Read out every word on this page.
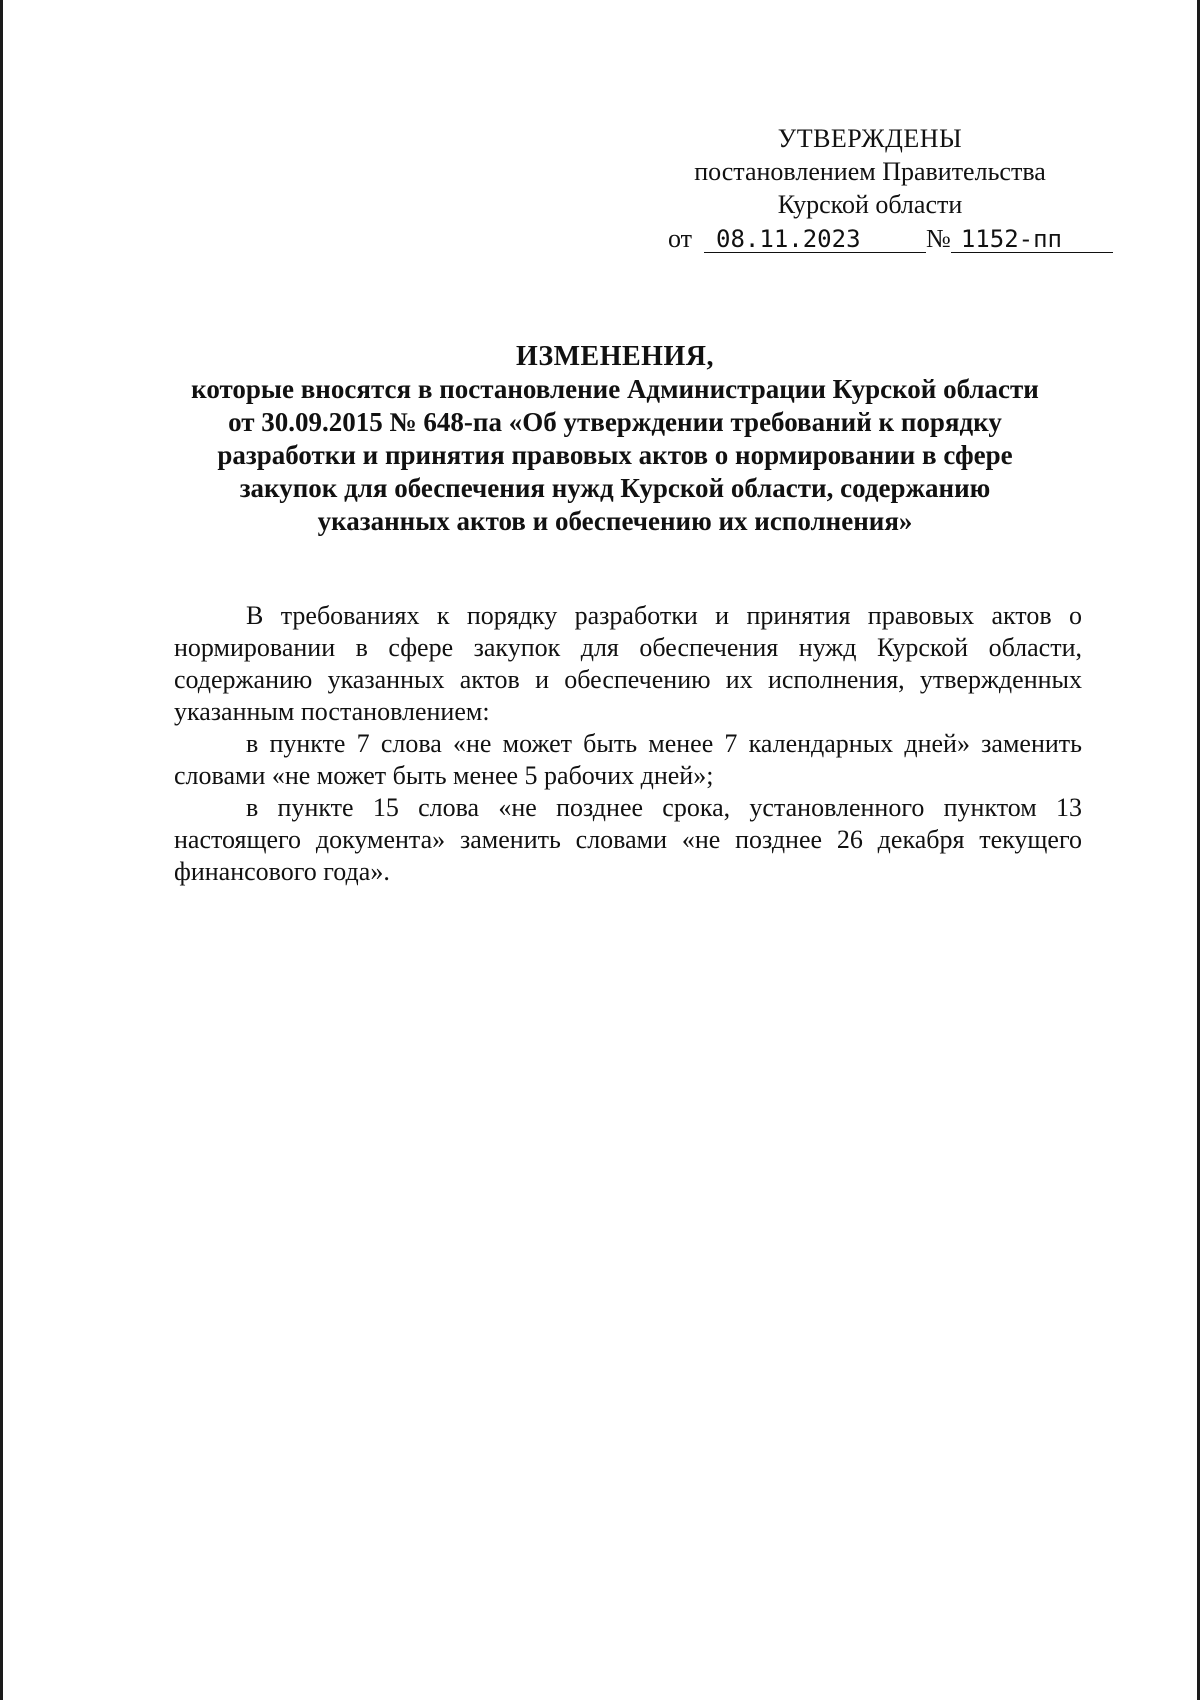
УТВЕРЖДЕНЫ
постановлением Правительства
Курской области
от 08.11.2023	№ 1152-пп
ИЗМЕНЕНИЯ,
которые вносятся в постановление Администрации Курской области
от 30.09.2015 № 648-па «Об утверждении требований к порядку
разработки и принятия правовых актов о нормировании в сфере
закупок для обеспечения нужд Курской области, содержанию
указанных актов и обеспечению их исполнения»

В требованиях к порядку разработки и принятия правовых актов о нормировании в сфере закупок для обеспечения нужд Курской области, содержанию указанных актов и обеспечению их исполнения, утвержденных указанным постановлением:

в пункте 7 слова «не может быть менее 7 календарных дней» заменить словами «не может быть менее 5 рабочих дней»;

в пункте 15 слова «не позднее срока, установленного пунктом 13 настоящего документа» заменить словами «не позднее 26 декабря текущего финансового года».
